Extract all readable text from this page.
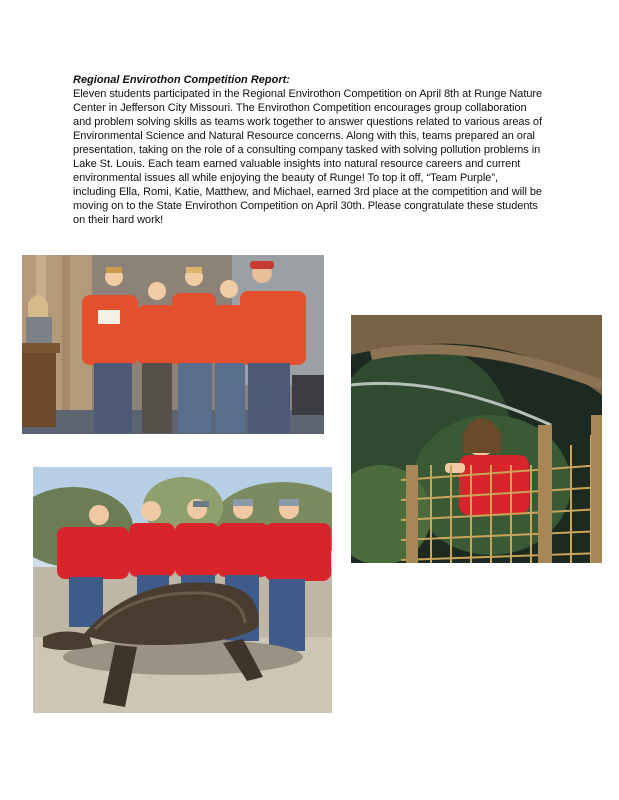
Regional Envirothon Competition Report:

Eleven students participated in the Regional Envirothon Competition on April 8th at Runge Nature Center in Jefferson City Missouri. The Envirothon Competition encourages group collaboration and problem solving skills as teams work together to answer questions related to various areas of Environmental Science and Natural Resource concerns. Along with this, teams prepared an oral presentation, taking on the role of a consulting company tasked with solving pollution problems in Lake St. Louis. Each team earned valuable insights into natural resource careers and current environmental issues all while enjoying the beauty of Runge! To top it off, “Team Purple”, including Ella, Romi, Katie, Matthew, and Michael, earned 3rd place at the competition and will be moving on to the State Envirothon Competition on April 30th. Please congratulate these students on their hard work!
